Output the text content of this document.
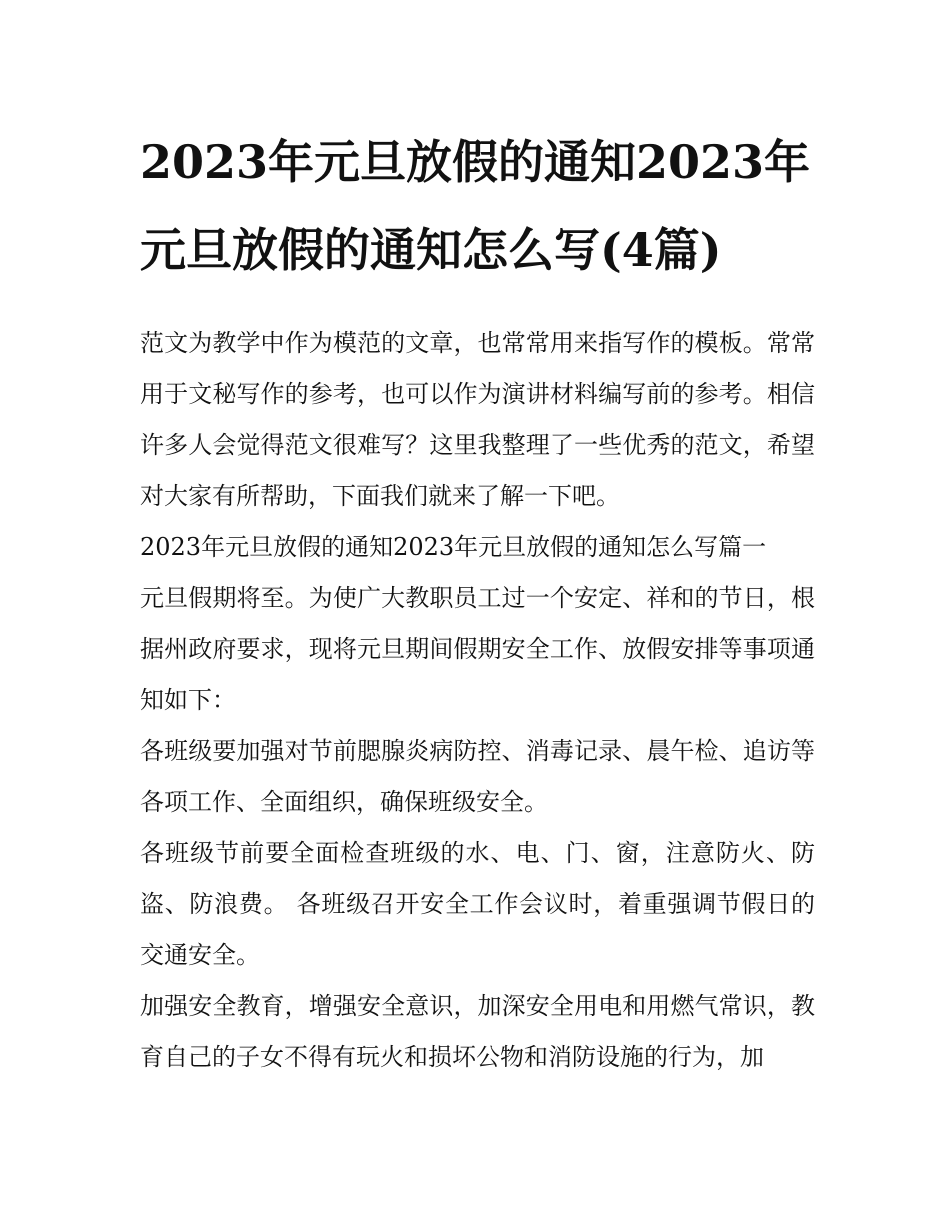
2023年元旦放假的通知2023年元旦放假的通知怎么写(4篇)

范文为教学中作为模范的文章，也常常用来指写作的模板。常常用于文秘写作的参考，也可以作为演讲材料编写前的参考。相信许多人会觉得范文很难写？这里我整理了一些优秀的范文，希望对大家有所帮助，下面我们就来了解一下吧。

2023年元旦放假的通知2023年元旦放假的通知怎么写篇一

元旦假期将至。为使广大教职员工过一个安定、祥和的节日，根据州政府要求，现将元旦期间假期安全工作、放假安排等事项通知如下：

各班级要加强对节前腮腺炎病防控、消毒记录、晨午检、追访等各项工作、全面组织，确保班级安全。

各班级节前要全面检查班级的水、电、门、窗，注意防火、防盗、防浪费。 各班级召开安全工作会议时，着重强调节假日的交通安全。

加强安全教育，增强安全意识，加深安全用电和用燃气常识，教育自己的子女不得有玩火和损坏公物和消防设施的行为，加
